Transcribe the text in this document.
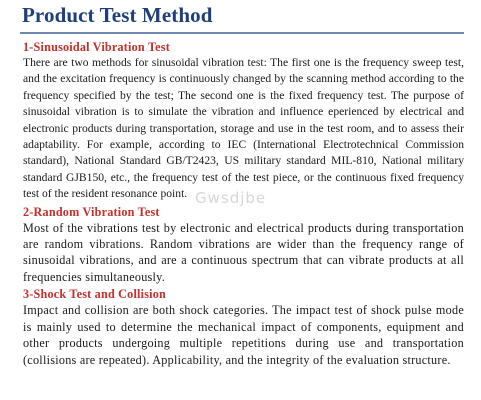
Product Test Method
1-Sinusoidal Vibration Test

There are two methods for sinusoidal vibration test: The first one is the frequency sweep test, and the excitation frequency is continuously changed by the scanning method according to the frequency specified by the test; The second one is the fixed frequency test. The purpose of sinusoidal vibration is to simulate the vibration and influence eperienced by electrical and electronic products during transportation, storage and use in the test room, and to assess their adaptability. For example, according to IEC (International Electrotechnical Commission standard), National Standard GB/T2423, US military standard MIL-810, National military standard GJB150, etc., the frequency test of the test piece, or the continuous fixed frequency test of the resident resonance point.

2-Random Vibration Test

Most of the vibrations test by electronic and electrical products during transportation are random vibrations. Random vibrations are wider than the frequency range of sinusoidal vibrations, and are a continuous spectrum that can vibrate products at all frequencies simultaneously.

3-Shock Test and Collision

Impact and collision are both shock categories. The impact test of shock pulse mode is mainly used to determine the mechanical impact of components, equipment and other products undergoing multiple repetitions during use and transportation (collisions are repeated). Applicability, and the integrity of the evaluation structure.

Gwsdjbe
